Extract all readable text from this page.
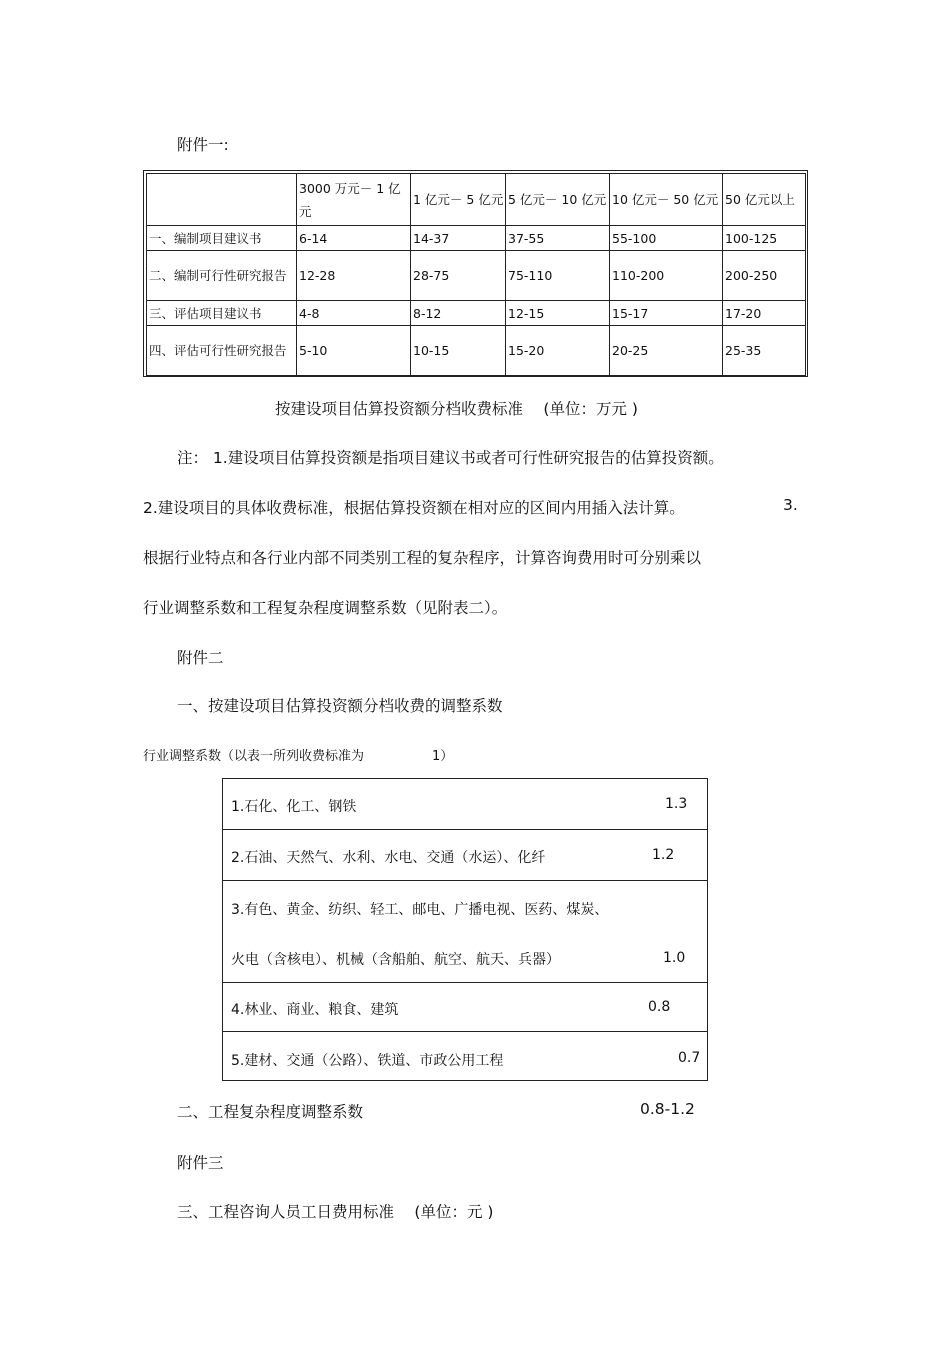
附件一:
	3000 万元－ 1 亿元	1 亿元－ 5 亿元	5 亿元－ 10 亿元	10 亿元－ 50 亿元	50 亿元以上
一、编制项目建议书	6-14	14-37	37-55	55-100	100-125
二、编制可行性研究报告	12-28	28-75	75-110	110-200	200-250
三、评估项目建议书	4-8	8-12	12-15	15-17	17-20
四、评估可行性研究报告	5-10	10-15	15-20	20-25	25-35
按建设项目估算投资额分档收费标准　 (单位：万元 )
注： 1.建设项目估算投资额是指项目建议书或者可行性研究报告的估算投资额。
2.建设项目的具体收费标准，根据估算投资额在相对应的区间内用插入法计算。	3.
根据行业特点和各行业内部不同类别工程的复杂程序，计算咨询费用时可分别乘以
行业调整系数和工程复杂程度调整系数（见附表二）。
附件二
一、按建设项目估算投资额分档收费的调整系数
行业调整系数（以表一所列收费标准为	1）
1.石化、化工、钢铁	1.3
2.石油、天然气、水利、水电、交通（水运）、化纤	1.2
3.有色、黄金、纺织、轻工、邮电、广播电视、医药、煤炭、
火电（含核电）、机械（含船舶、航空、航天、兵器）	1.0
4.林业、商业、粮食、建筑	0.8
5.建材、交通（公路）、铁道、市政公用工程	0.7
二、工程复杂程度调整系数	0.8-1.2
附件三
三、工程咨询人员工日费用标准　 (单位：元 )
